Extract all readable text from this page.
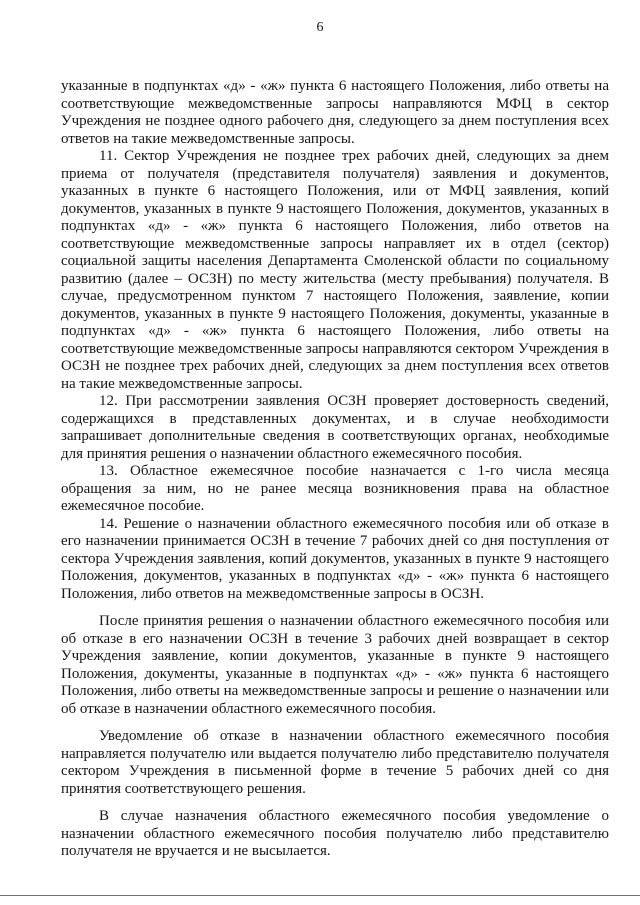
6

указанные в подпунктах «д» - «ж» пункта 6 настоящего Положения, либо ответы на соответствующие межведомственные запросы направляются МФЦ в сектор Учреждения не позднее одного рабочего дня, следующего за днем поступления всех ответов на такие межведомственные запросы.

11. Сектор Учреждения не позднее трех рабочих дней, следующих за днем приема от получателя (представителя получателя) заявления и документов, указанных в пункте 6 настоящего Положения, или от МФЦ заявления, копий документов, указанных в пункте 9 настоящего Положения, документов, указанных в подпунктах «д» - «ж» пункта 6 настоящего Положения, либо ответов на соответствующие межведомственные запросы направляет их в отдел (сектор) социальной защиты населения Департамента Смоленской области по социальному развитию (далее – ОСЗН) по месту жительства (месту пребывания) получателя. В случае, предусмотренном пунктом 7 настоящего Положения, заявление, копии документов, указанных в пункте 9 настоящего Положения, документы, указанные в подпунктах «д» - «ж» пункта 6 настоящего Положения, либо ответы на соответствующие межведомственные запросы направляются сектором Учреждения в ОСЗН не позднее трех рабочих дней, следующих за днем поступления всех ответов на такие межведомственные запросы.

12. При рассмотрении заявления ОСЗН проверяет достоверность сведений, содержащихся в представленных документах, и в случае необходимости запрашивает дополнительные сведения в соответствующих органах, необходимые для принятия решения о назначении областного ежемесячного пособия.

13. Областное ежемесячное пособие назначается с 1-го числа месяца обращения за ним, но не ранее месяца возникновения права на областное ежемесячное пособие.

14. Решение о назначении областного ежемесячного пособия или об отказе в его назначении принимается ОСЗН в течение 7 рабочих дней со дня поступления от сектора Учреждения заявления, копий документов, указанных в пункте 9 настоящего Положения, документов, указанных в подпунктах «д» - «ж» пункта 6 настоящего Положения, либо ответов на межведомственные запросы в ОСЗН.

После принятия решения о назначении областного ежемесячного пособия или об отказе в его назначении ОСЗН в течение 3 рабочих дней возвращает в сектор Учреждения заявление, копии документов, указанные в пункте 9 настоящего Положения, документы, указанные в подпунктах «д» - «ж» пункта 6 настоящего Положения, либо ответы на межведомственные запросы и решение о назначении или об отказе в назначении областного ежемесячного пособия.

Уведомление об отказе в назначении областного ежемесячного пособия направляется получателю или выдается получателю либо представителю получателя сектором Учреждения в письменной форме в течение 5 рабочих дней со дня принятия соответствующего решения.

В случае назначения областного ежемесячного пособия уведомление о назначении областного ежемесячного пособия получателю либо представителю получателя не вручается и не высылается.
